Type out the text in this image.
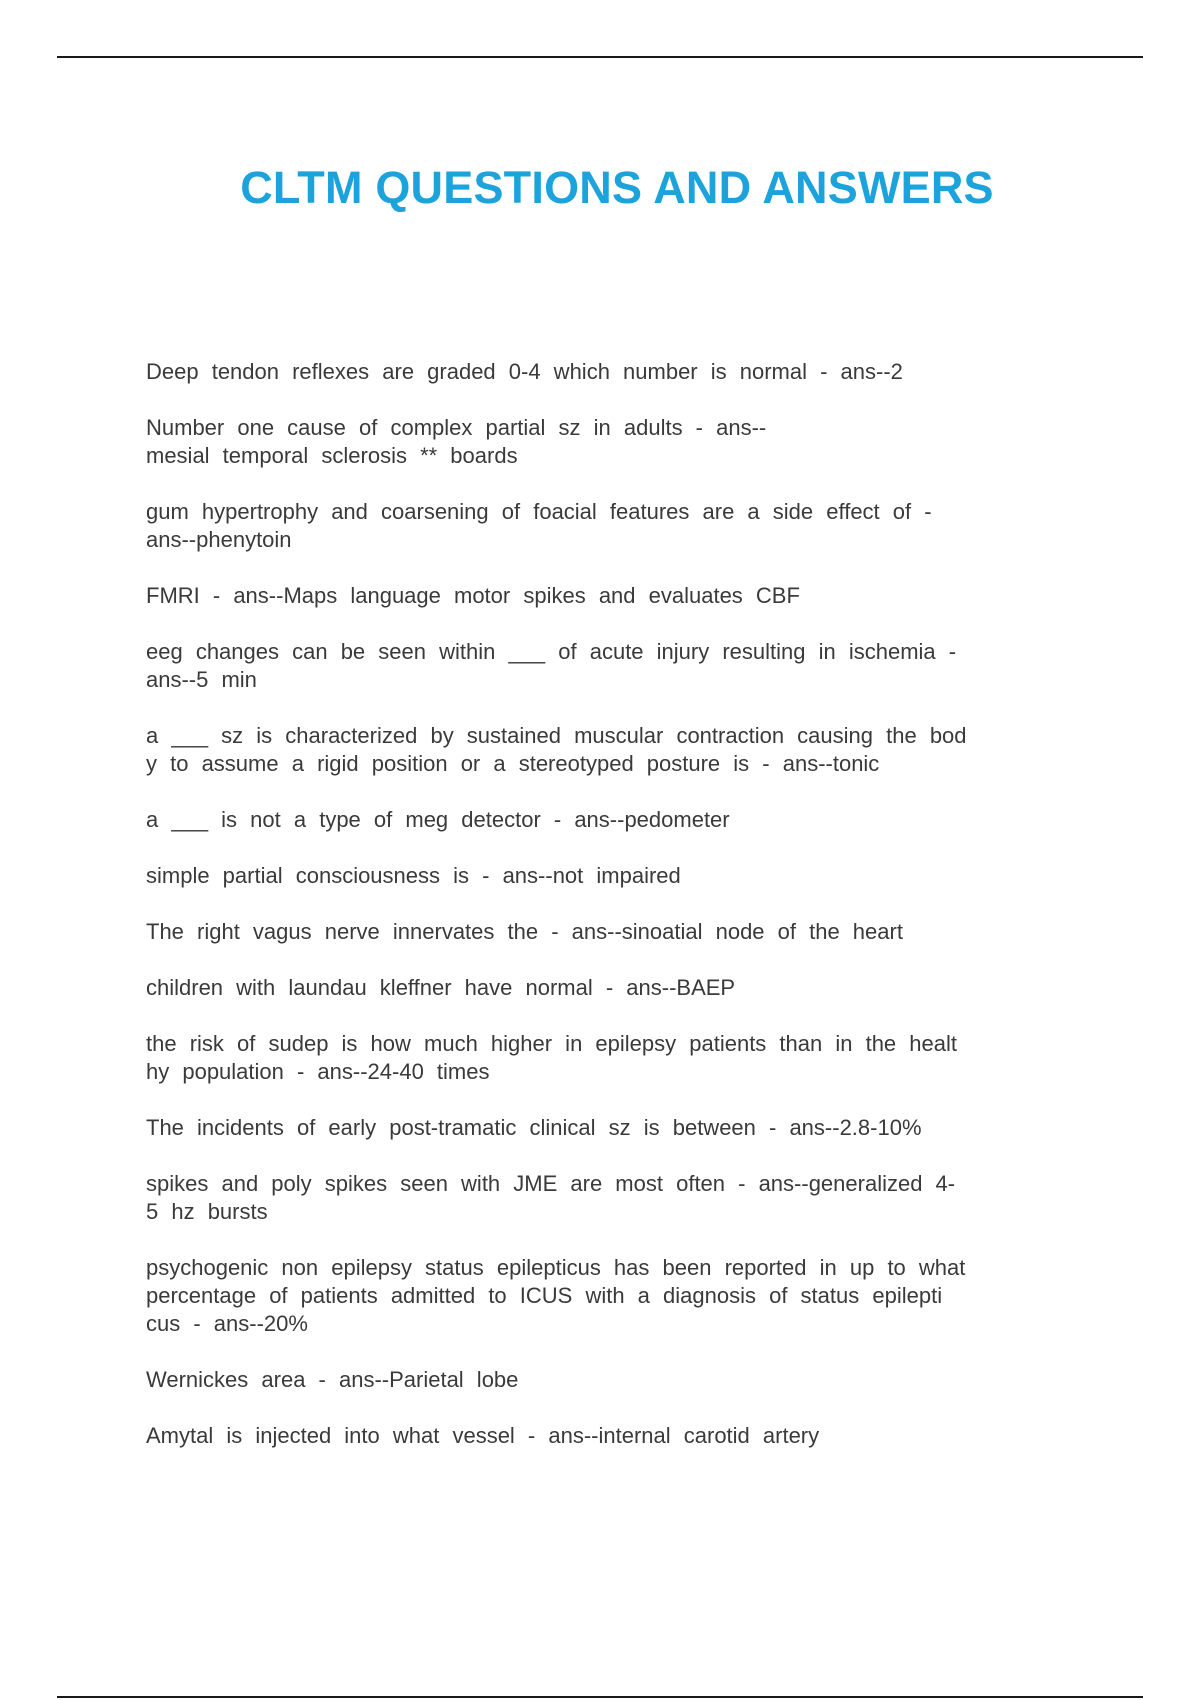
CLTM QUESTIONS AND ANSWERS

Deep tendon reflexes are graded 0-4 which number is normal - ans--2

Number one cause of complex partial sz in adults - ans--
mesial temporal sclerosis ** boards

gum hypertrophy and coarsening of foacial features are a side effect of -
ans--phenytoin

FMRI - ans--Maps language motor spikes and evaluates CBF

eeg changes can be seen within ___ of acute injury resulting in ischemia -
ans--5 min

a ___ sz is characterized by sustained muscular contraction causing the bod
y to assume a rigid position or a stereotyped posture is - ans--tonic

a ___ is not a type of meg detector - ans--pedometer

simple partial consciousness is - ans--not impaired

The right vagus nerve innervates the - ans--sinoatial node of the heart

children with laundau kleffner have normal - ans--BAEP

the risk of sudep is how much higher in epilepsy patients than in the healt
hy population - ans--24-40 times

The incidents of early post-tramatic clinical sz is between - ans--2.8-10%

spikes and poly spikes seen with JME are most often - ans--generalized 4-
5 hz bursts

psychogenic non epilepsy status epilepticus has been reported in up to what
percentage of patients admitted to ICUS with a diagnosis of status epilepti
cus - ans--20%

Wernickes area - ans--Parietal lobe

Amytal is injected into what vessel - ans--internal carotid artery
